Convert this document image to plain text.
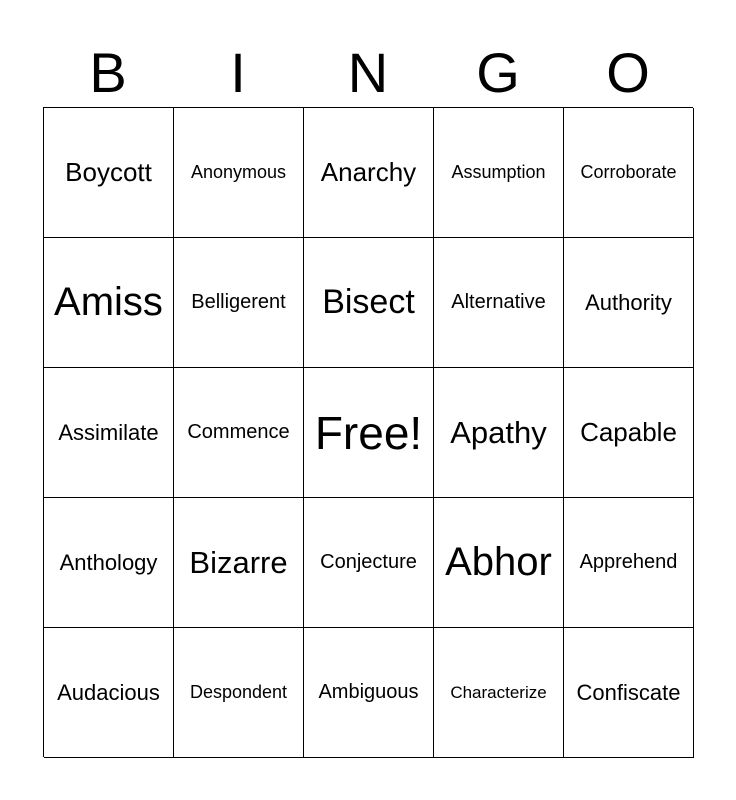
B	I	N	G	O
Boycott Anonymous Anarchy Assumption Corroborate
Amiss Belligerent Bisect Alternative Authority
Assimilate Commence Free! Apathy Capable
Anthology Bizarre Conjecture Abhor Apprehend
Audacious Despondent Ambiguous Characterize Confiscate
